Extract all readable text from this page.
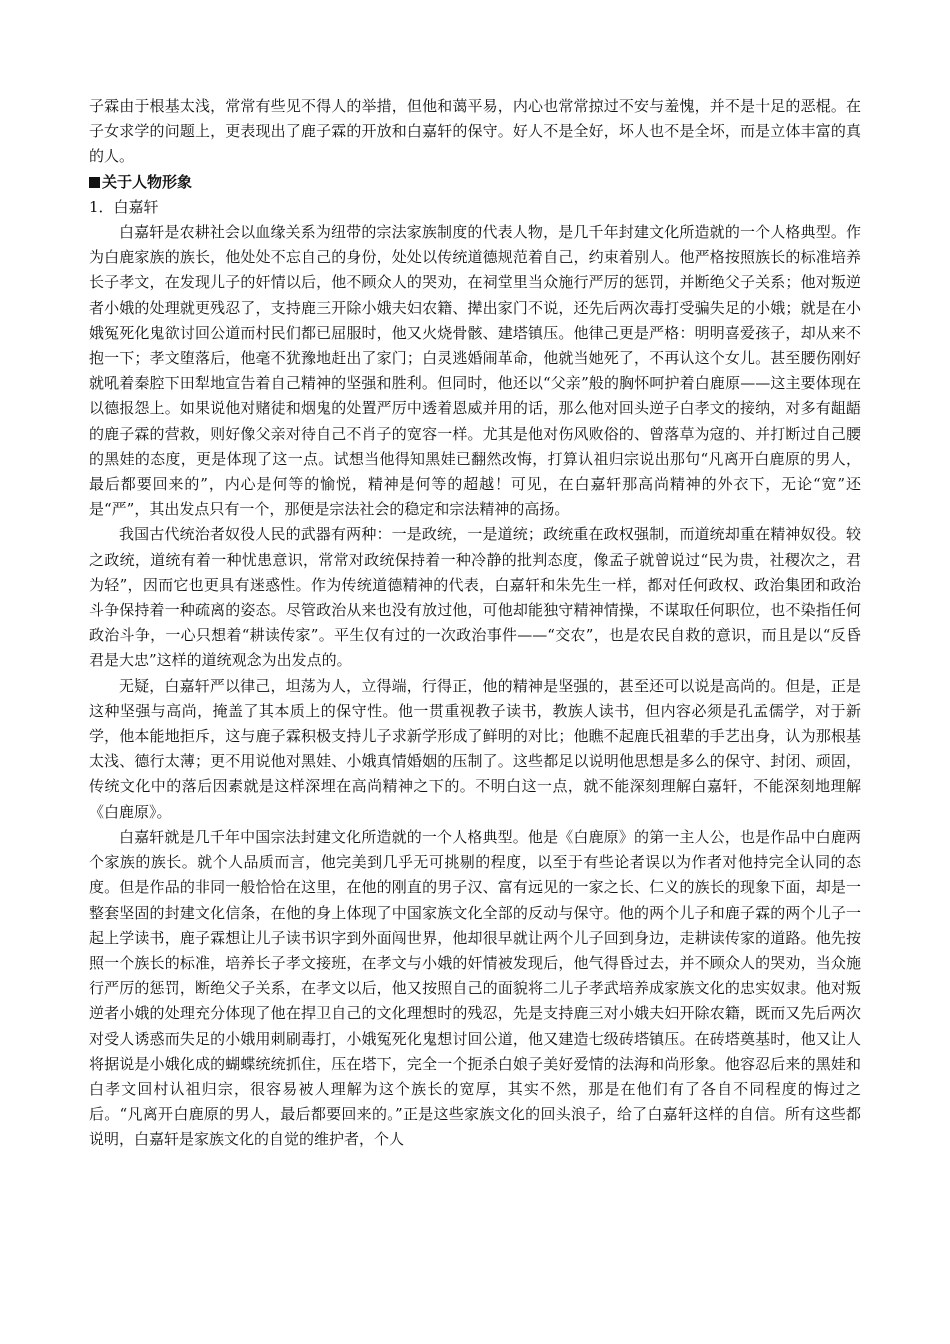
子霖由于根基太浅，常常有些见不得人的举措，但他和蔼平易，内心也常常掠过不安与羞愧，并不是十足的恶棍。在子女求学的问题上，更表现出了鹿子霖的开放和白嘉轩的保守。好人不是全好，坏人也不是全坏，而是立体丰富的真的人。

关于人物形象

1．白嘉轩

白嘉轩是农耕社会以血缘关系为纽带的宗法家族制度的代表人物，是几千年封建文化所造就的一个人格典型。作为白鹿家族的族长，他处处不忘自己的身份，处处以传统道德规范着自己，约束着别人。他严格按照族长的标准培养长子孝文，在发现儿子的奸情以后，他不顾众人的哭劝，在祠堂里当众施行严厉的惩罚，并断绝父子关系；他对叛逆者小娥的处理就更残忍了，支持鹿三开除小娥夫妇农籍、撵出家门不说，还先后两次毒打受骗失足的小娥；就是在小娥冤死化鬼欲讨回公道而村民们都已屈服时，他又火烧骨骸、建塔镇压。他律己更是严格：明明喜爱孩子，却从来不抱一下；孝文堕落后，他毫不犹豫地赶出了家门；白灵逃婚闹革命，他就当她死了，不再认这个女儿。甚至腰伤刚好就吼着秦腔下田犁地宣告着自己精神的坚强和胜利。但同时，他还以“父亲”般的胸怀呵护着白鹿原——这主要体现在以德报怨上。如果说他对赌徒和烟鬼的处置严厉中透着恩威并用的话，那么他对回头逆子白孝文的接纳，对多有龃龉的鹿子霖的营救，则好像父亲对待自己不肖子的宽容一样。尤其是他对伤风败俗的、曾落草为寇的、并打断过自己腰的黑娃的态度，更是体现了这一点。试想当他得知黑娃已翻然改悔，打算认祖归宗说出那句“凡离开白鹿原的男人，最后都要回来的”，内心是何等的愉悦，精神是何等的超越！可见，在白嘉轩那高尚精神的外衣下，无论“宽”还是“严”，其出发点只有一个，那便是宗法社会的稳定和宗法精神的高扬。

我国古代统治者奴役人民的武器有两种：一是政统，一是道统；政统重在政权强制，而道统却重在精神奴役。较之政统，道统有着一种忧患意识，常常对政统保持着一种冷静的批判态度，像孟子就曾说过“民为贵，社稷次之，君为轻”，因而它也更具有迷惑性。作为传统道德精神的代表，白嘉轩和朱先生一样，都对任何政权、政治集团和政治斗争保持着一种疏离的姿态。尽管政治从来也没有放过他，可他却能独守精神情操，不谋取任何职位，也不染指任何政治斗争，一心只想着“耕读传家”。平生仅有过的一次政治事件——“交农”，也是农民自救的意识，而且是以“反昏君是大忠”这样的道统观念为出发点的。

无疑，白嘉轩严以律己，坦荡为人，立得端，行得正，他的精神是坚强的，甚至还可以说是高尚的。但是，正是这种坚强与高尚，掩盖了其本质上的保守性。他一贯重视教子读书，教族人读书，但内容必须是孔孟儒学，对于新学，他本能地拒斥，这与鹿子霖积极支持儿子求新学形成了鲜明的对比；他瞧不起鹿氏祖辈的手艺出身，认为那根基太浅、德行太薄；更不用说他对黑娃、小娥真情婚姻的压制了。这些都足以说明他思想是多么的保守、封闭、顽固，传统文化中的落后因素就是这样深埋在高尚精神之下的。不明白这一点，就不能深刻理解白嘉轩，不能深刻地理解《白鹿原》。

白嘉轩就是几千年中国宗法封建文化所造就的一个人格典型。他是《白鹿原》的第一主人公，也是作品中白鹿两个家族的族长。就个人品质而言，他完美到几乎无可挑剔的程度，以至于有些论者误以为作者对他持完全认同的态度。但是作品的非同一般恰恰在这里，在他的刚直的男子汉、富有远见的一家之长、仁义的族长的现象下面，却是一整套坚固的封建文化信条，在他的身上体现了中国家族文化全部的反动与保守。他的两个儿子和鹿子霖的两个儿子一起上学读书，鹿子霖想让儿子读书识字到外面闯世界，他却很早就让两个儿子回到身边，走耕读传家的道路。他先按照一个族长的标准，培养长子孝文接班，在孝文与小娥的奸情被发现后，他气得昏过去，并不顾众人的哭劝，当众施行严厉的惩罚，断绝父子关系，在孝文以后，他又按照自己的面貌将二儿子孝武培养成家族文化的忠实奴隶。他对叛逆者小娥的处理充分体现了他在捍卫自己的文化理想时的残忍，先是支持鹿三对小娥夫妇开除农籍，既而又先后两次对受人诱惑而失足的小娥用刺刷毒打，小娥冤死化鬼想讨回公道，他又建造七级砖塔镇压。在砖塔奠基时，他又让人将据说是小娥化成的蝴蝶统统抓住，压在塔下，完全一个扼杀白娘子美好爱情的法海和尚形象。他容忍后来的黑娃和白孝文回村认祖归宗，很容易被人理解为这个族长的宽厚，其实不然，那是在他们有了各自不同程度的悔过之后。“凡离开白鹿原的男人，最后都要回来的。”正是这些家族文化的回头浪子，给了白嘉轩这样的自信。所有这些都说明，白嘉轩是家族文化的自觉的维护者，个人
